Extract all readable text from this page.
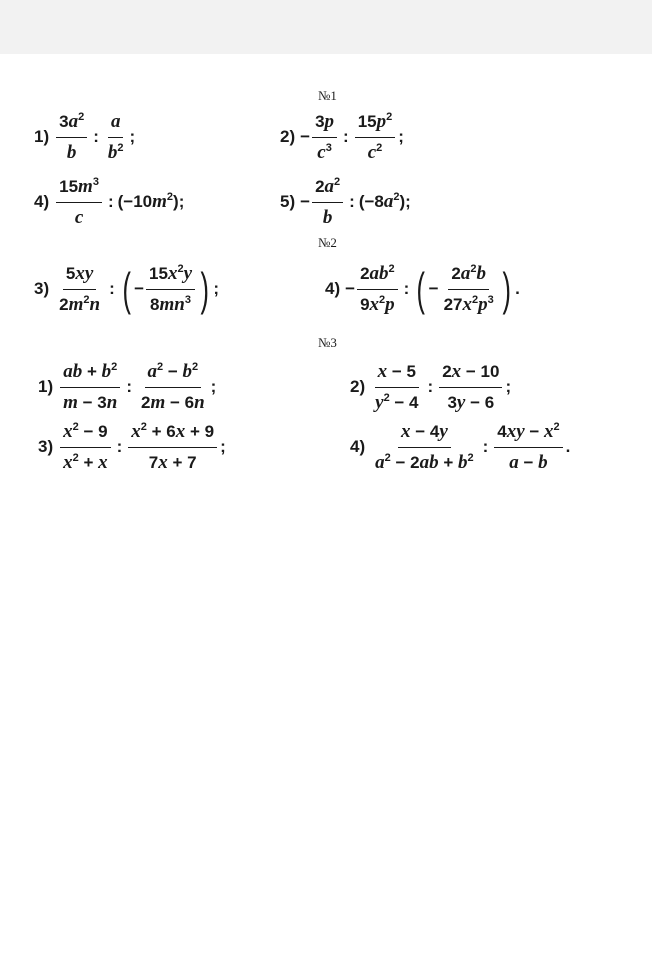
№1
№2
№3
$1) \frac{3a^2}{b}$ : $\frac{a}{b^2}$ ;	$2) - \frac{3p}{c^3}$ : $\frac{15p^2}{c^2}$ ;
$4) \frac{15m^3}{c}$ : $(-10m^2)$;	$5) - \frac{2a^2}{b}$ : $(-8a^2)$;
$3) \frac{5xy}{2m^2n}$ : ( − $\frac{15x^2y}{8mn^3}$ ) ;	$4) - \frac{2ab^2}{9x^2p}$ : ( − $\frac{2a^2b}{27x^2p^3}$ ) .
$1) \frac{ab + b^2}{m - 3n}$ : $\frac{a^2 - b^2}{2m - 6n}$ ;	$2) \frac{x - 5}{y^2 - 4}$ : $\frac{2x - 10}{3y - 6}$ ;
$3) \frac{x^2 - 9}{x^2 + x}$ : $\frac{x^2 + 6x + 9}{7x + 7}$ ;	$4) \frac{x - 4y}{a^2 - 2ab + b^2}$ : $\frac{4xy - x^2}{a - b}$ .
